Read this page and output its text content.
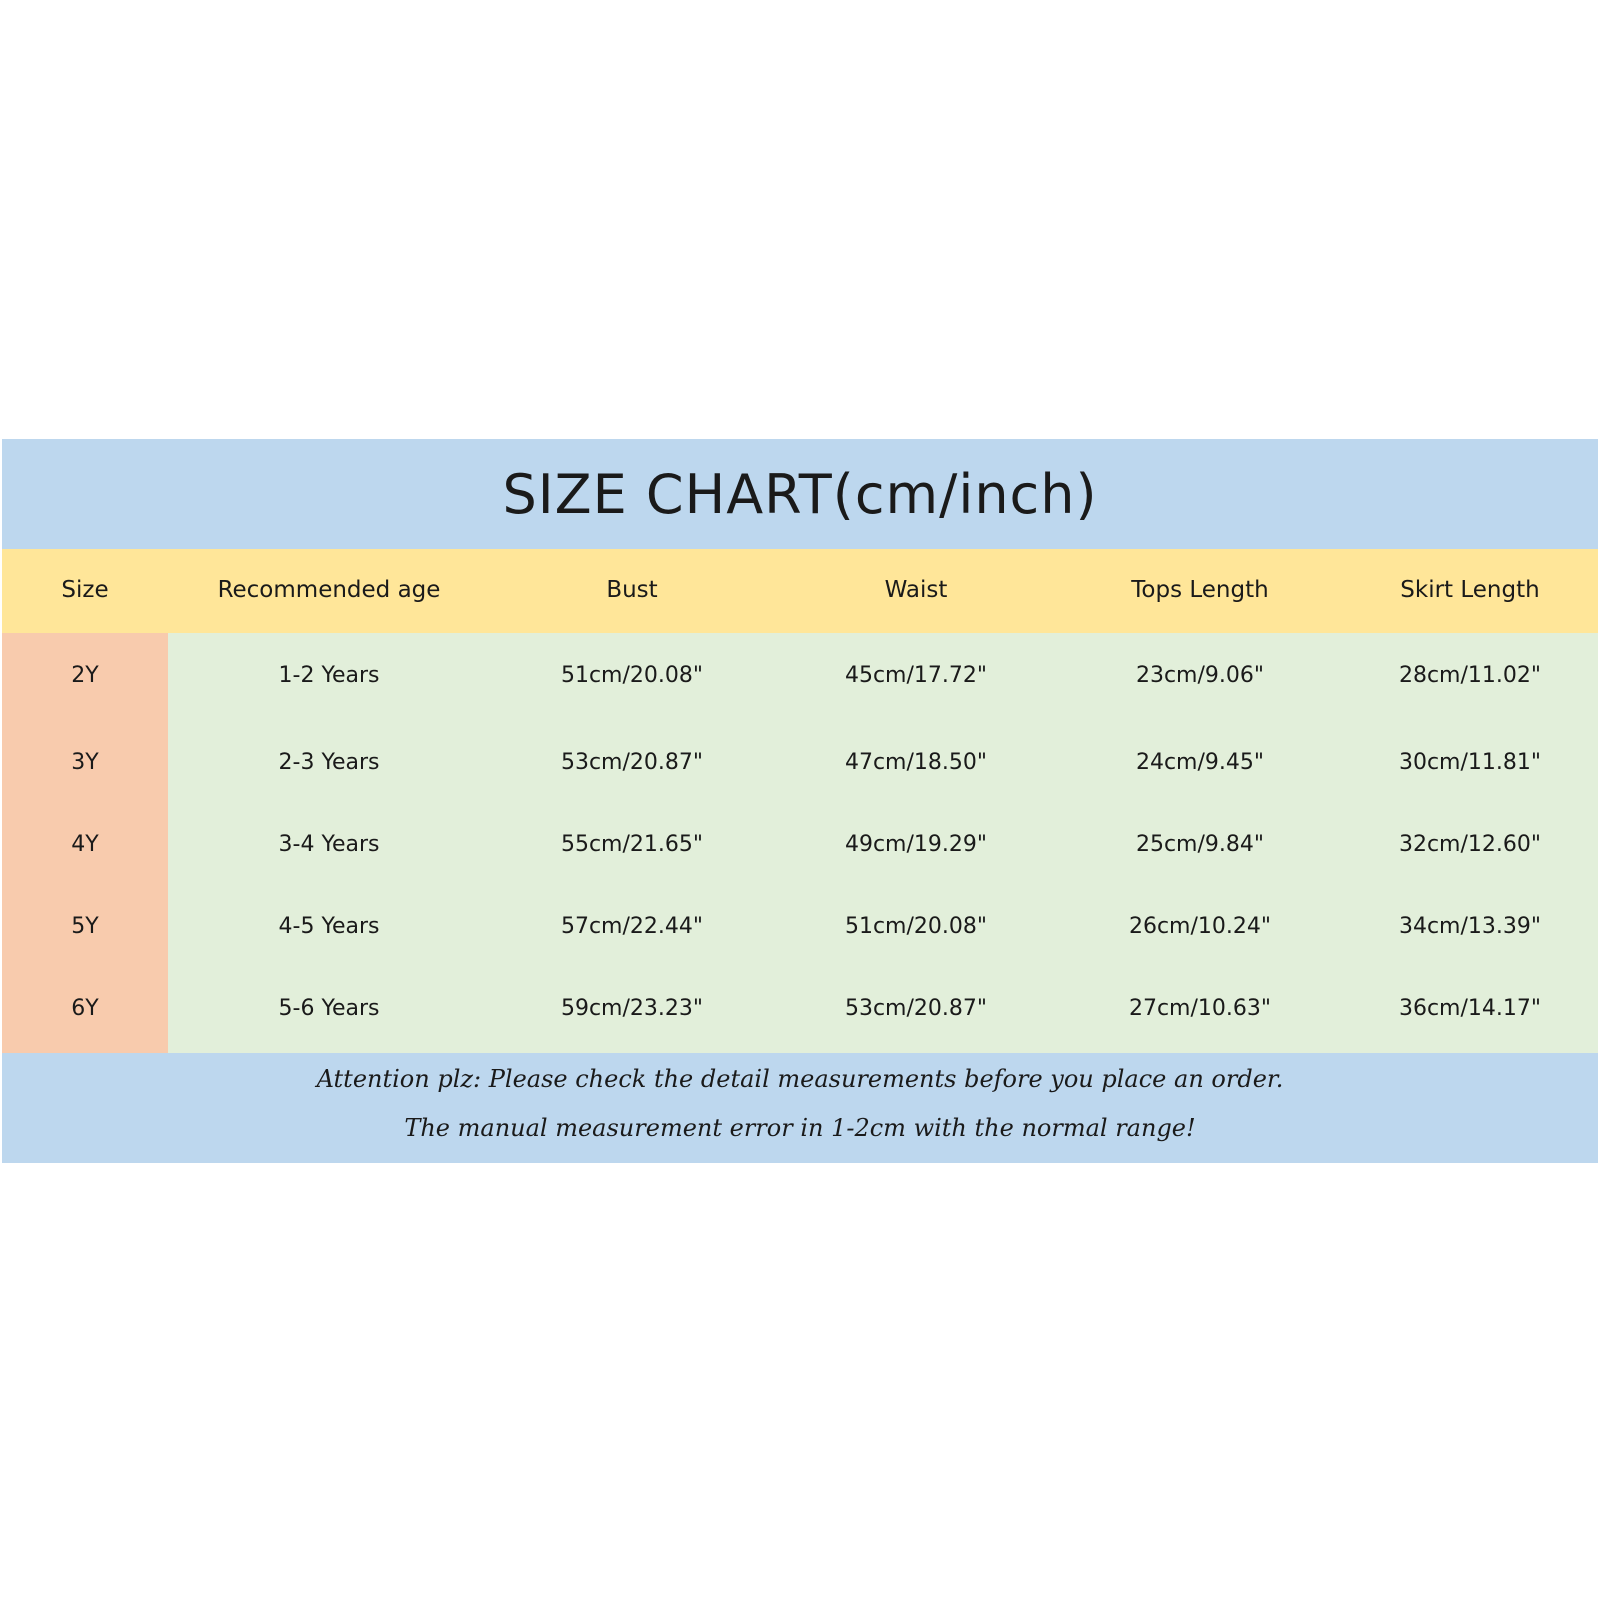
SIZE CHART(cm/inch)
Size	Recommended age	Bust	Waist	Tops Length	Skirt Length
2Y	1-2 Years	51cm/20.08"	45cm/17.72"	23cm/9.06"	28cm/11.02"
3Y	2-3 Years	53cm/20.87"	47cm/18.50"	24cm/9.45"	30cm/11.81"
4Y	3-4 Years	55cm/21.65"	49cm/19.29"	25cm/9.84"	32cm/12.60"
5Y	4-5 Years	57cm/22.44"	51cm/20.08"	26cm/10.24"	34cm/13.39"
6Y	5-6 Years	59cm/23.23"	53cm/20.87"	27cm/10.63"	36cm/14.17"
Attention plz: Please check the detail measurements before you place an order.
The manual measurement error in 1-2cm with the normal range!
